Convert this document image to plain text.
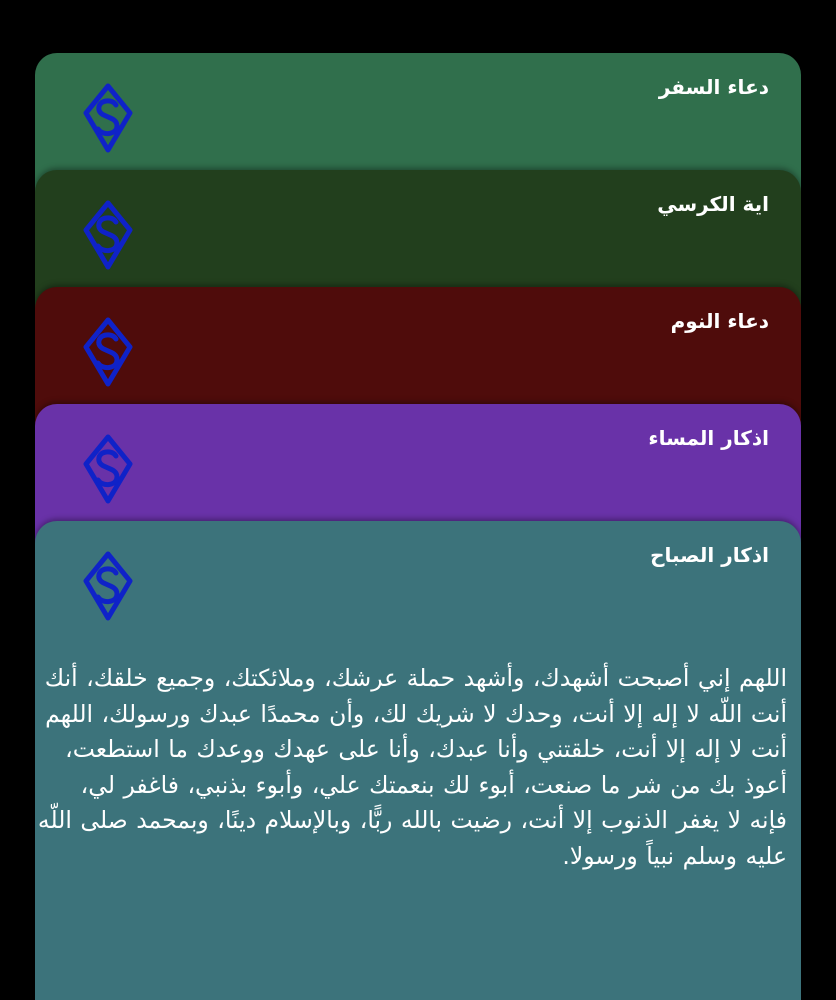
دعاء السفر
اية الكرسي
دعاء النوم
اذكار المساء
اذكار الصباح
اللهم إني أصبحت أشهدك، وأشهد حملة عرشك، وملائكتك، وجميع خلقك، أنك أنت اللّه لا إله إلا أنت، وحدك لا شريك لك، وأن محمدًا عبدك ورسولك، اللهم أنت لا إله إلا أنت، خلقتني وأنا عبدك، وأنا على عهدك ووعدك ما استطعت، أعوذ بك من شر ما صنعت، أبوء لك بنعمتك علي، وأبوء بذنبي، فاغفر لي، فإنه لا يغفر الذنوب إلا أنت، رضيت بالله ربًّا، وبالإسلام دينًا، وبمحمد صلى اللّه عليه وسلم نبياً ورسولا.
